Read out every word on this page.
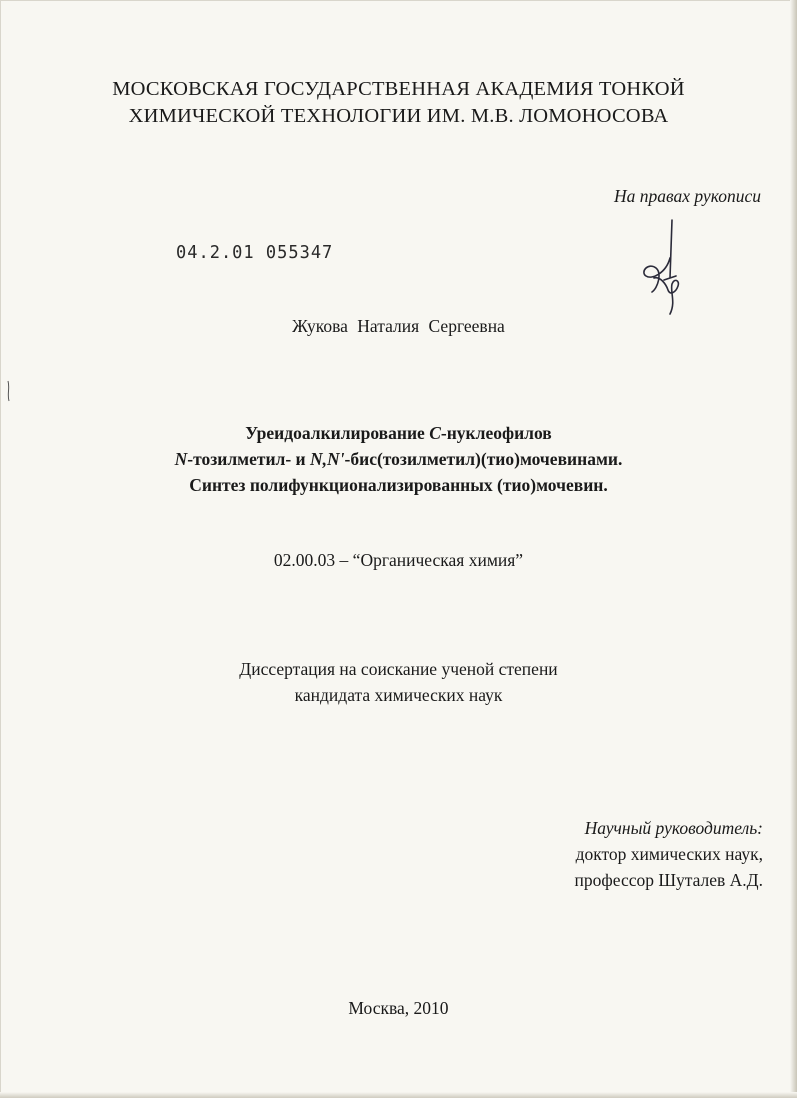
МОСКОВСКАЯ ГОСУДАРСТВЕННАЯ АКАДЕМИЯ ТОНКОЙ
ХИМИЧЕСКОЙ ТЕХНОЛОГИИ ИМ. М.В. ЛОМОНОСОВА
На правах рукописи
04.2.01 055347
Жукова Наталия Сергеевна
Уреидоалкилирование C-нуклеофилов
N-тозилметил- и N,N'-бис(тозилметил)(тио)мочевинами.
Синтез полифункционализированных (тио)мочевин.
02.00.03 – “Органическая химия”
Диссертация на соискание ученой степени
кандидата химических наук
Научный руководитель:
доктор химических наук,
профессор Шуталев А.Д.
Москва, 2010
